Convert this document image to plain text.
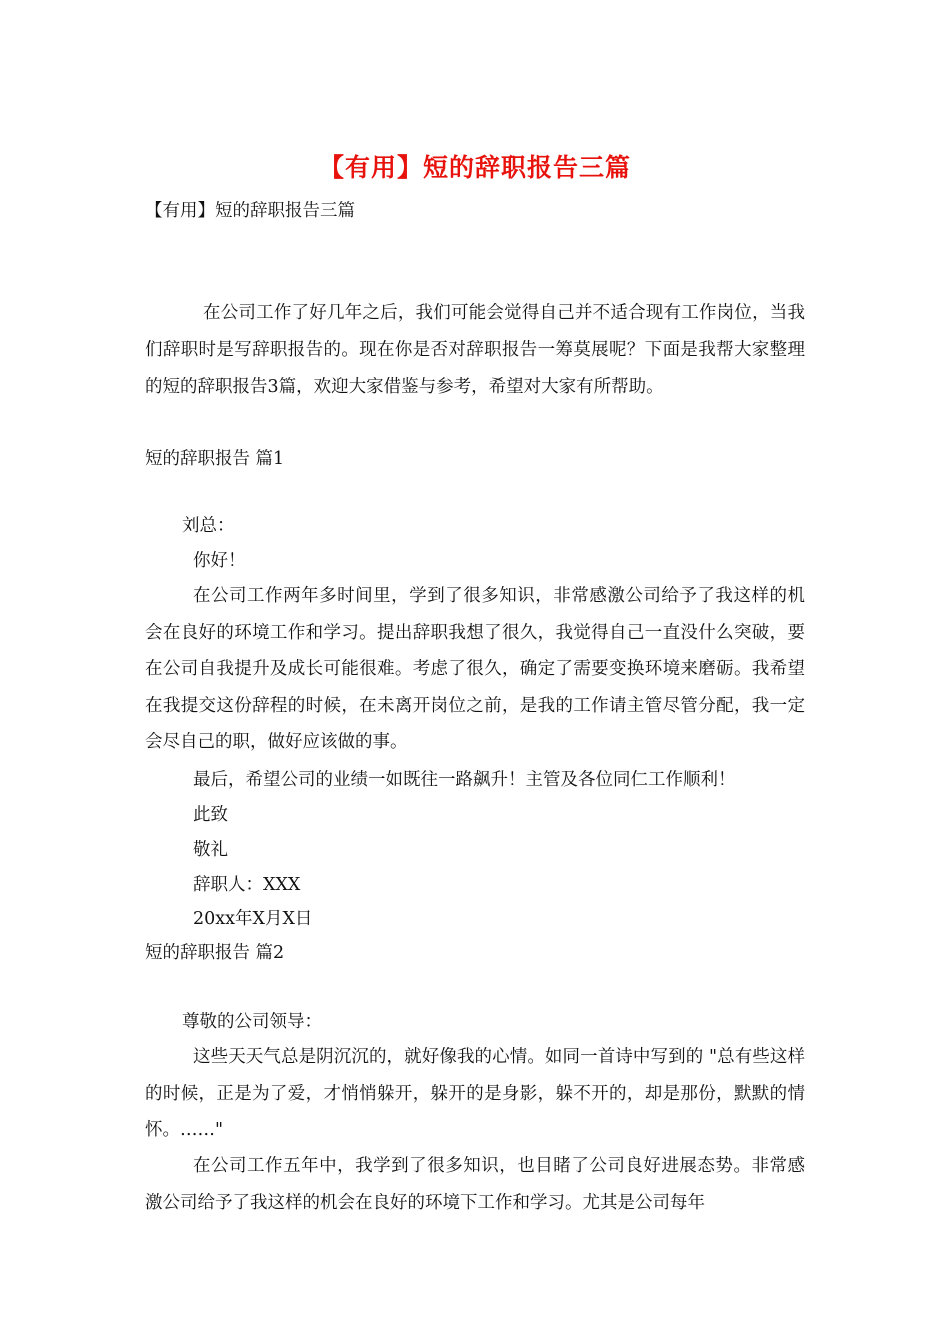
【有用】短的辞职报告三篇
【有用】短的辞职报告三篇
在公司工作了好几年之后，我们可能会觉得自己并不适合现有工作岗位，当我们辞职时是写辞职报告的。现在你是否对辞职报告一筹莫展呢？下面是我帮大家整理的短的辞职报告3篇，欢迎大家借鉴与参考，希望对大家有所帮助。
短的辞职报告 篇1
刘总：
你好！
在公司工作两年多时间里，学到了很多知识，非常感激公司给予了我这样的机会在良好的环境工作和学习。提出辞职我想了很久，我觉得自己一直没什么突破，要在公司自我提升及成长可能很难。考虑了很久，确定了需要变换环境来磨砺。我希望在我提交这份辞程的时候，在未离开岗位之前，是我的工作请主管尽管分配，我一定会尽自己的职，做好应该做的事。
最后，希望公司的业绩一如既往一路飙升！主管及各位同仁工作顺利！
此致
敬礼
辞职人：XXX
20xx年X月X日
短的辞职报告 篇2
尊敬的公司领导：
这些天天气总是阴沉沉的，就好像我的心情。如同一首诗中写到的 "总有些这样的时候，正是为了爱，才悄悄躲开，躲开的是身影，躲不开的，却是那份，默默的情怀。……"
在公司工作五年中，我学到了很多知识，也目睹了公司良好进展态势。非常感激公司给予了我这样的机会在良好的环境下工作和学习。尤其是公司每年
